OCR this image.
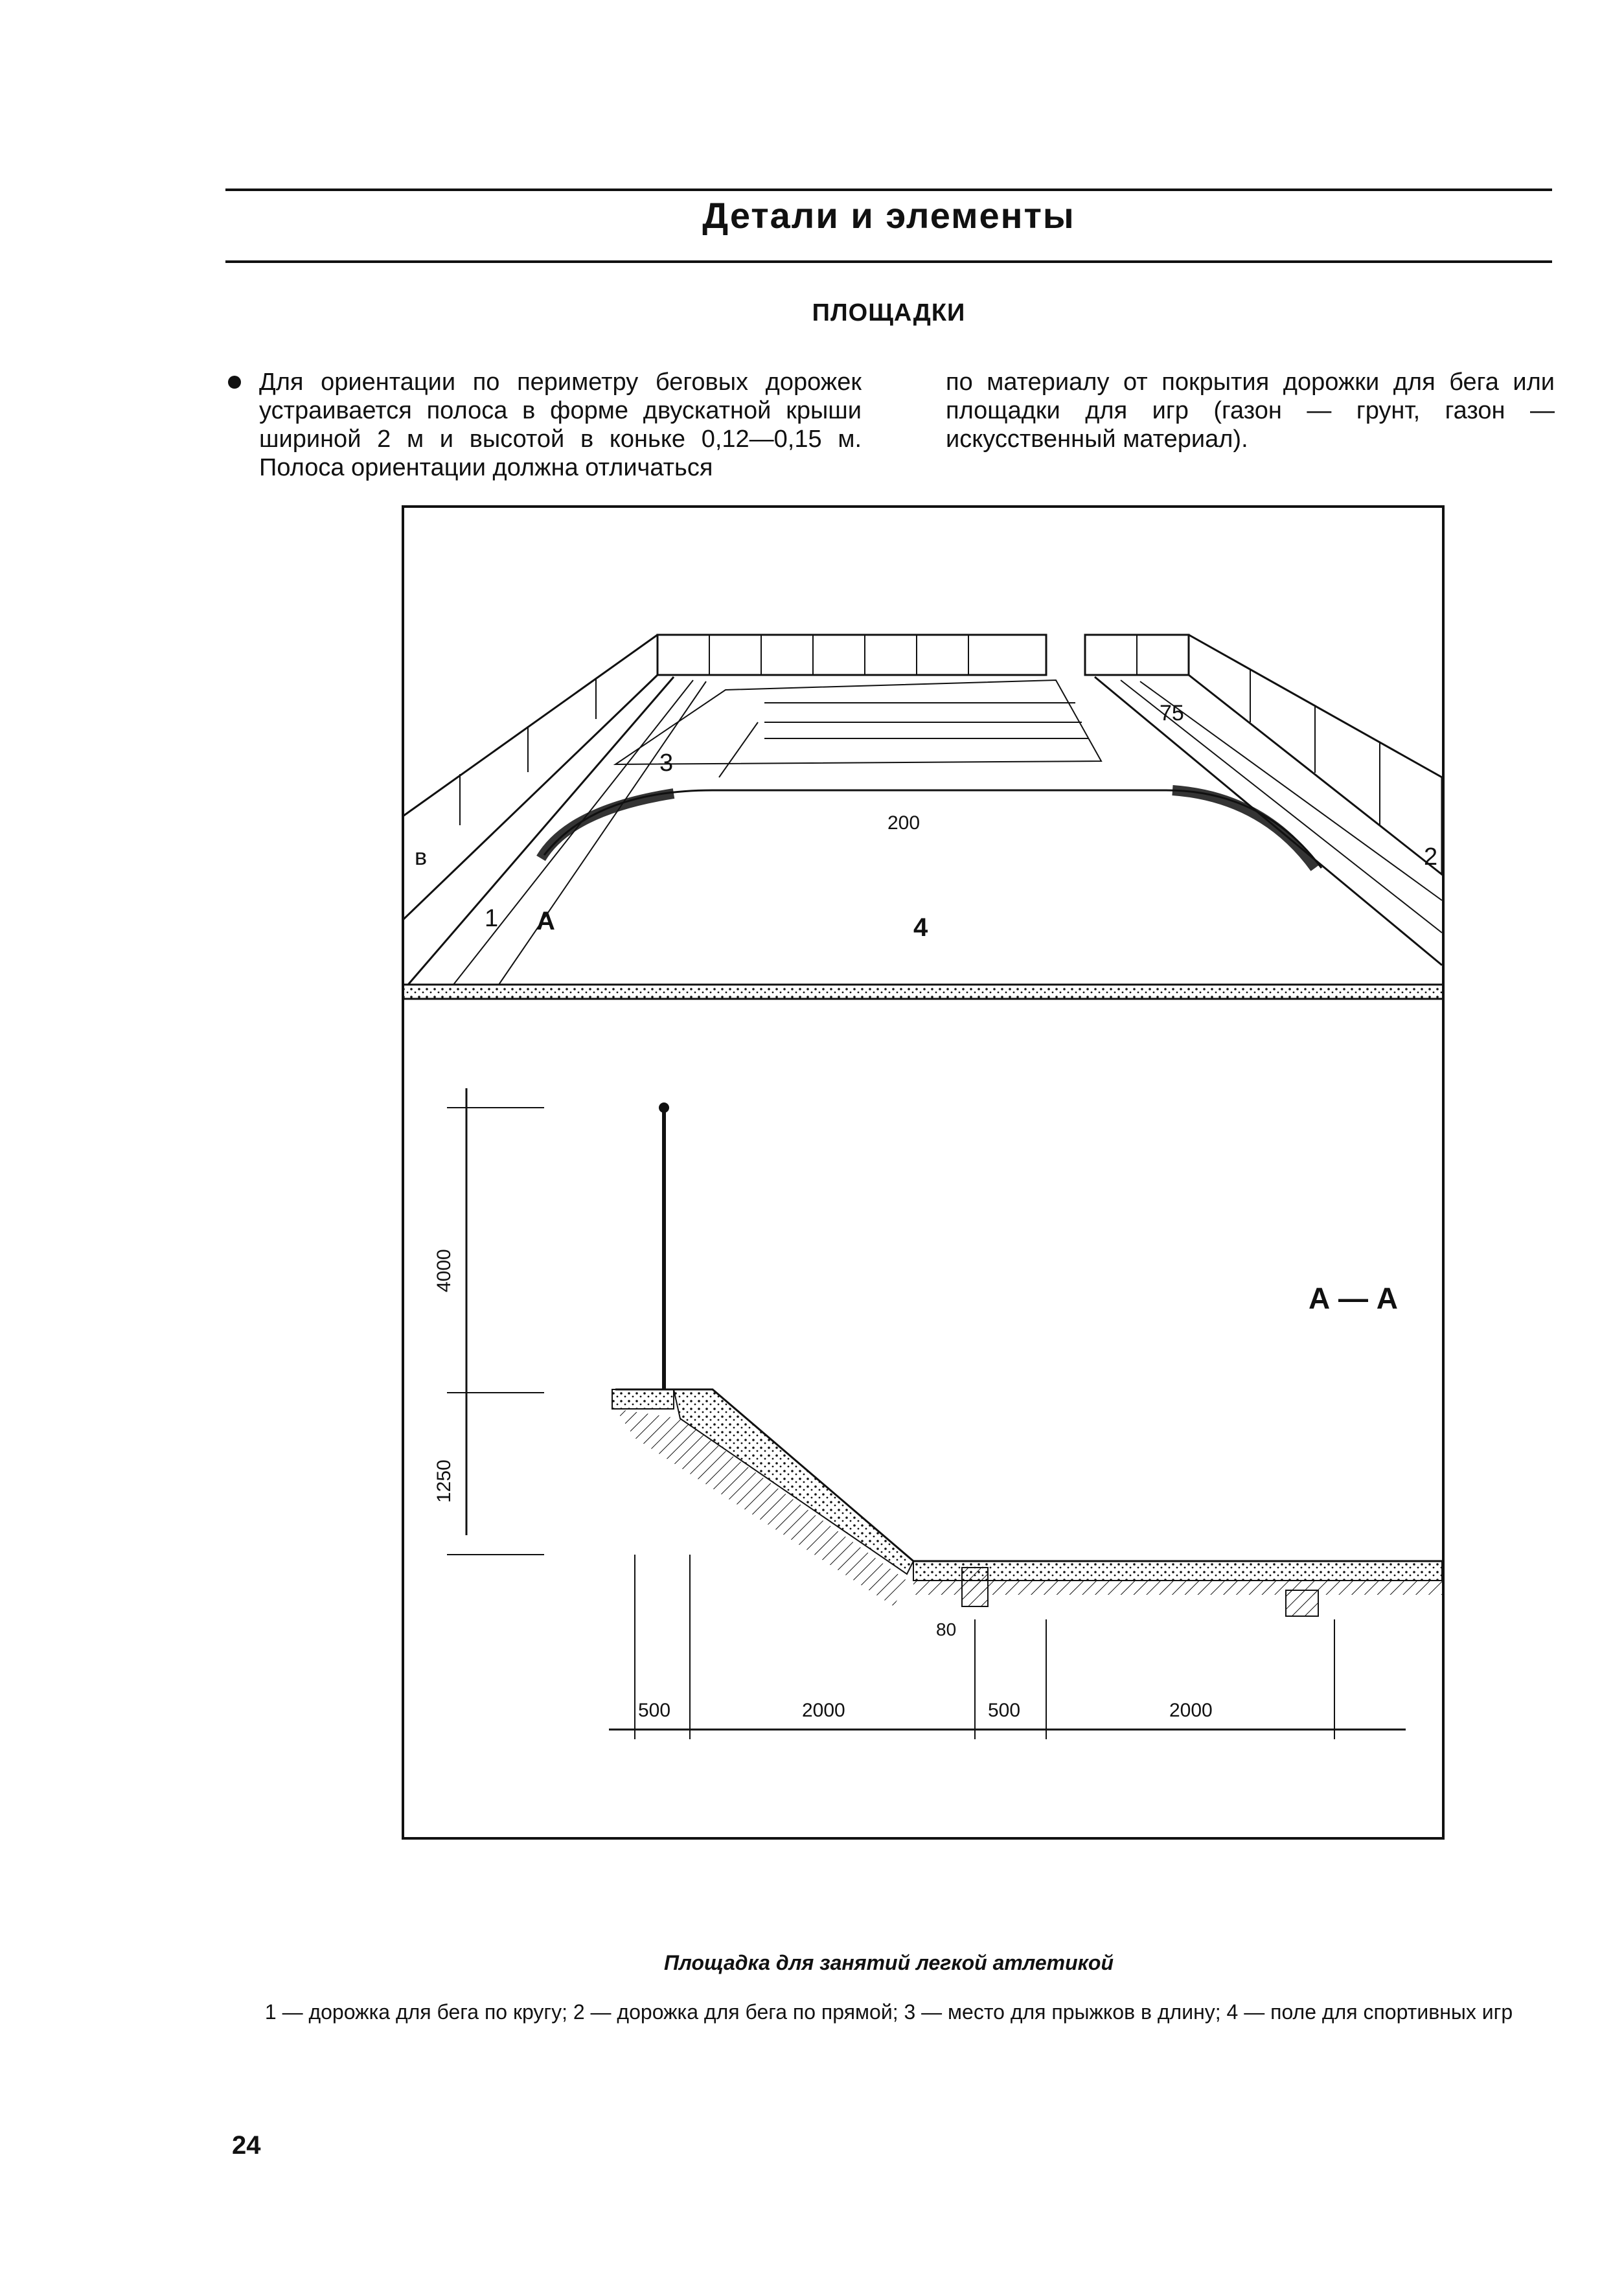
Детали и элементы
ПЛОЩАДКИ
Для ориентации по периметру беговых дорожек устраивается полоса в форме двускатной крыши шириной 2 м и высотой в коньке 0,12—0,15 м. Полоса ориентации должна отличаться
по материалу от покрытия дорожки для бега или площадки для игр (газон — грунт, газон — искусственный материал).
1
2
3
4
А
в
200
75
4000
1250
500	2000	500	2000
80
А — А
Площадка для занятий легкой атлетикой
1 — дорожка для бега по кругу; 2 — дорожка для бега по прямой; 3 — место для прыжков в длину; 4 — поле для спортивных игр
24
